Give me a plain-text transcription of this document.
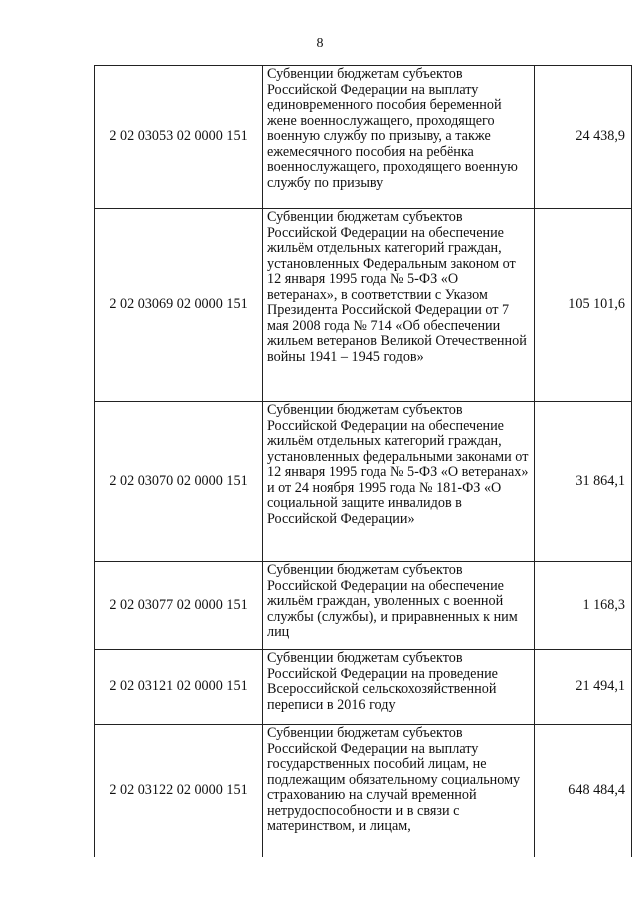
8
2 02 03053 02 0000 151	Субвенции бюджетам субъектов Российской Федерации на выплату единовременного пособия беременной жене военнослужащего, проходящего военную службу по призыву, а также ежемесячного пособия на ребёнка военнослужащего, проходящего военную службу по призыву	24 438,9
2 02 03069 02 0000 151	Субвенции бюджетам субъектов Российской Федерации на обеспечение жильём отдельных категорий граждан, установленных Федеральным законом от 12 января 1995 года № 5-ФЗ «О ветеранах», в соответствии с Указом Президента Российской Федерации от 7 мая 2008 года № 714 «Об обеспечении жильем ветеранов Великой Отечественной войны 1941 – 1945 годов»	105 101,6
2 02 03070 02 0000 151	Субвенции бюджетам субъектов Российской Федерации на обеспечение жильём отдельных категорий граждан, установленных федеральными законами от 12 января 1995 года № 5-ФЗ «О ветеранах» и от 24 ноября 1995 года № 181-ФЗ «О социальной защите инвалидов в Российской Федерации»	31 864,1
2 02 03077 02 0000 151	Субвенции бюджетам субъектов Российской Федерации на обеспечение жильём граждан, уволенных с военной службы (службы), и приравненных к ним лиц	1 168,3
2 02 03121 02 0000 151	Субвенции бюджетам субъектов Российской Федерации на проведение Всероссийской сельскохозяйственной переписи в 2016 году	21 494,1
2 02 03122 02 0000 151	Субвенции бюджетам субъектов Российской Федерации на выплату государственных пособий лицам, не подлежащим обязательному социальному страхованию на случай временной нетрудоспособности и в связи с материнством, и лицам,	648 484,4
